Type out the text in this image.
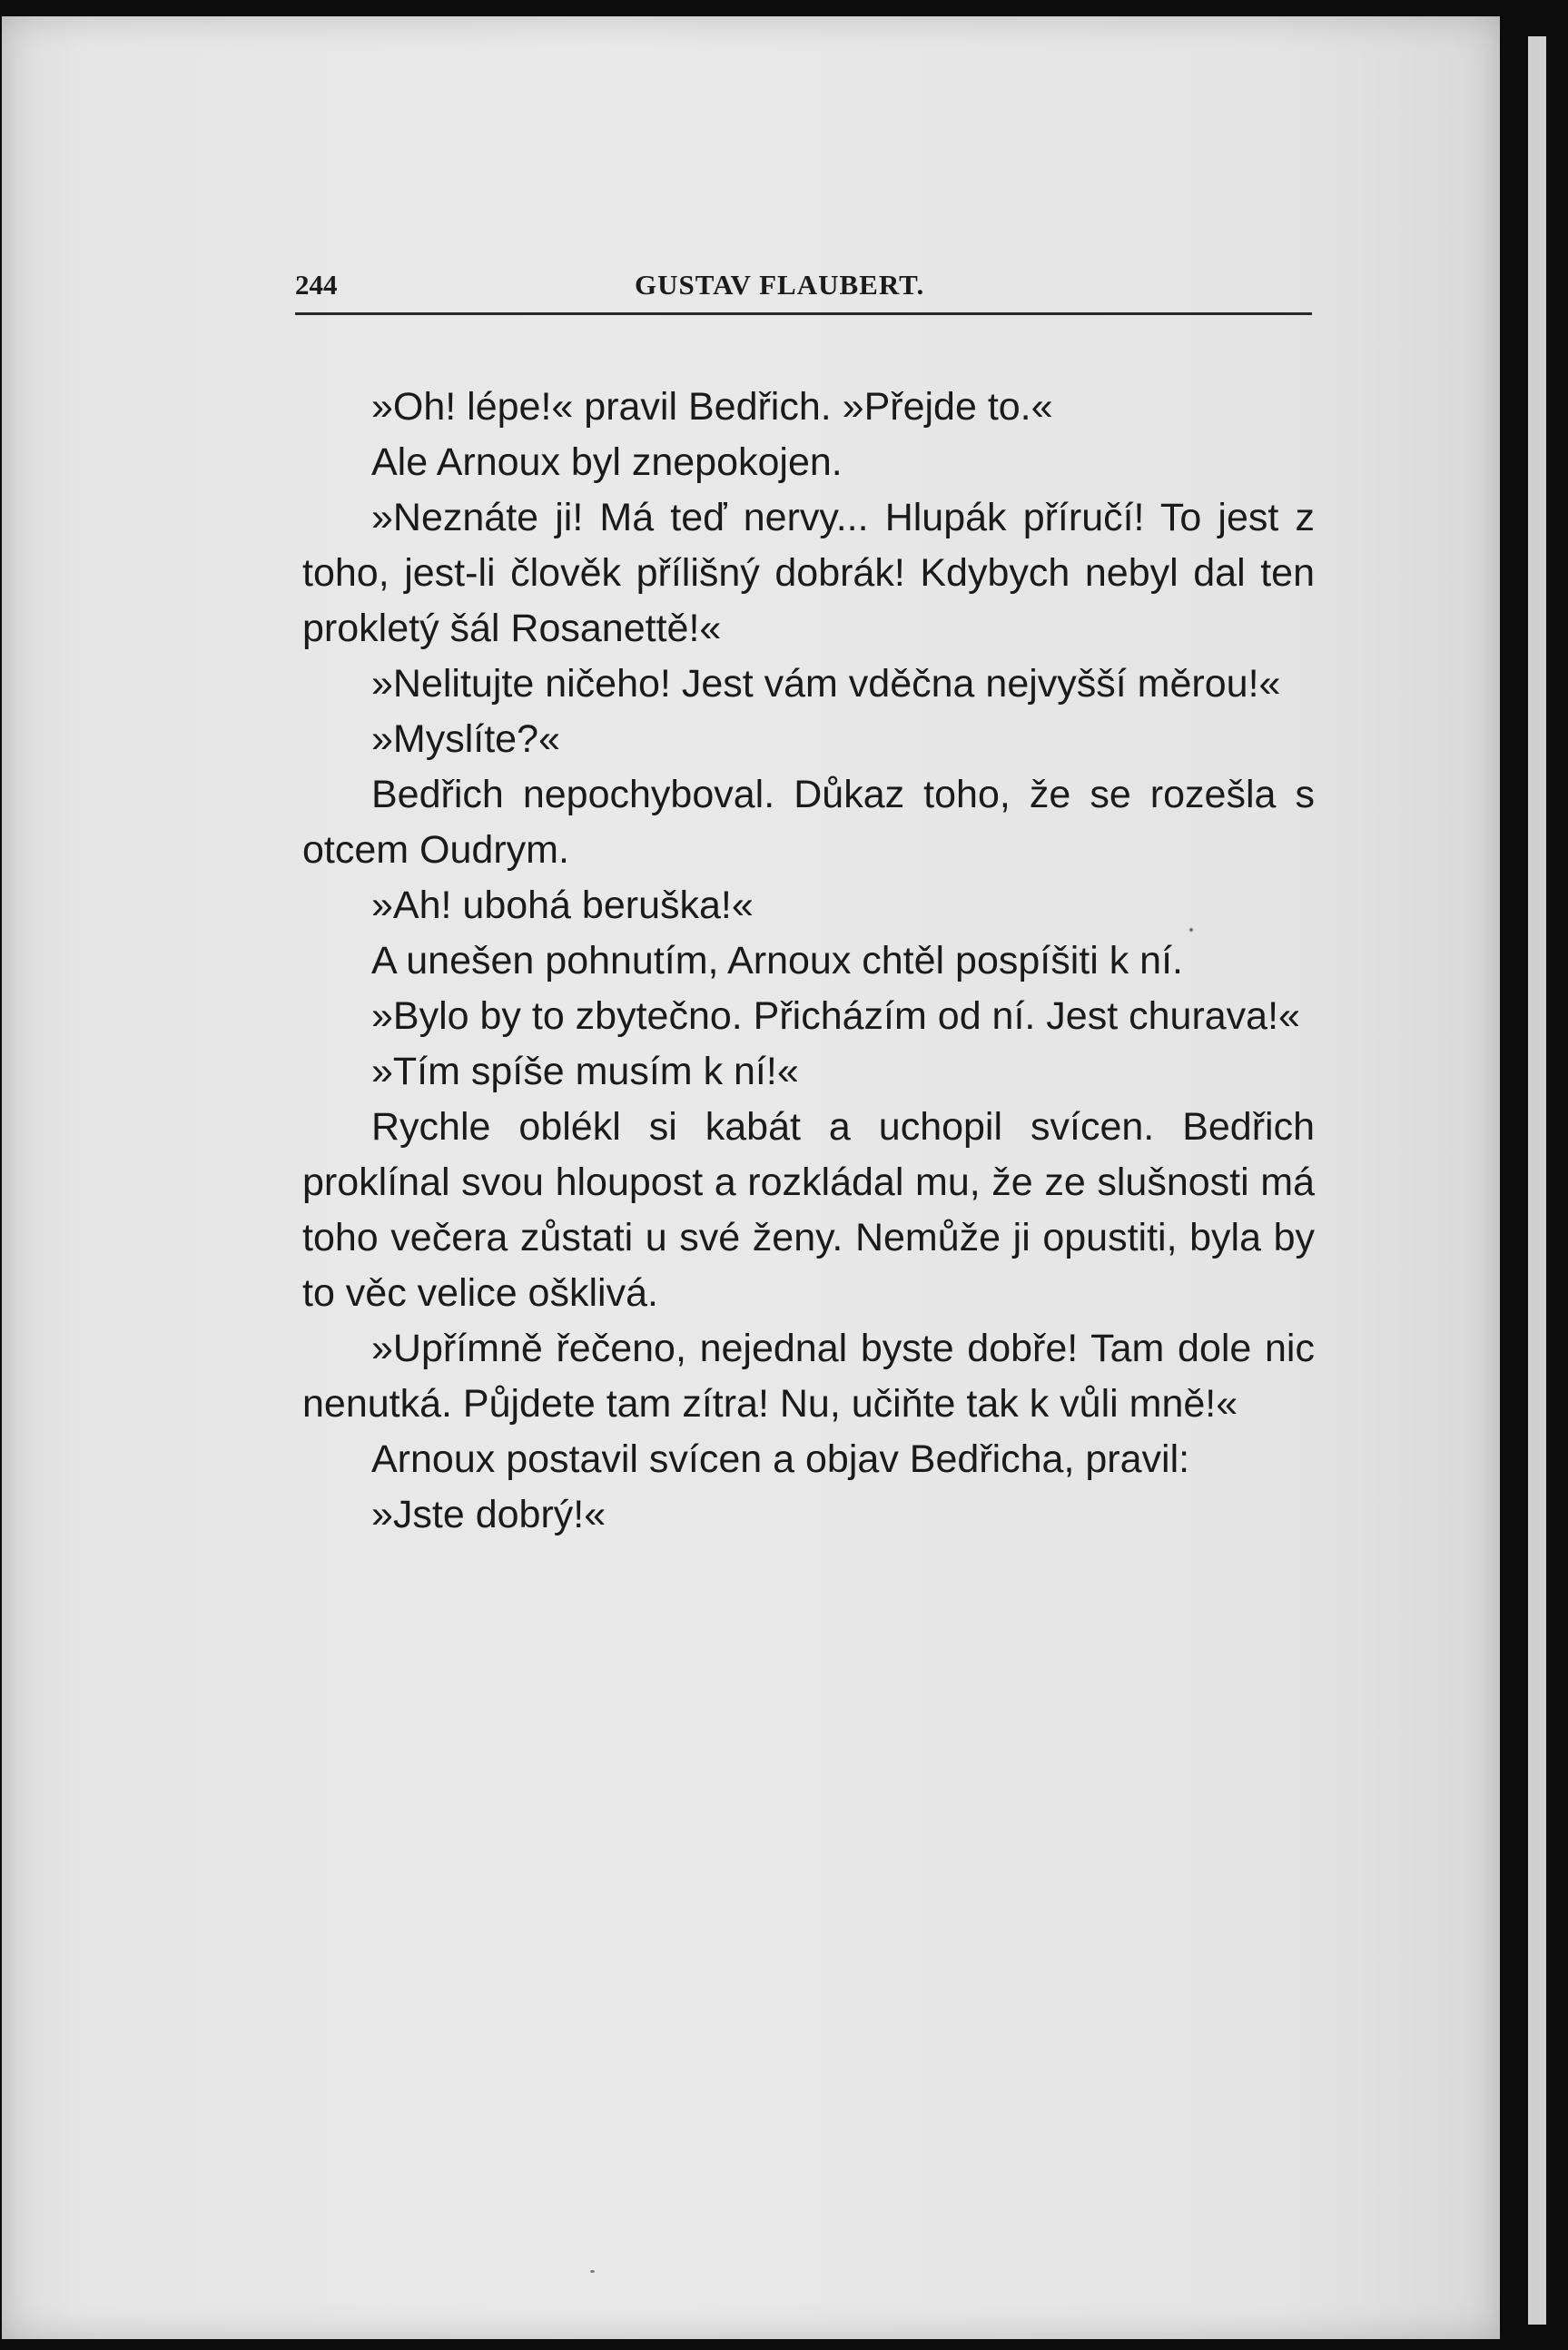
244	GUSTAV FLAUBERT.

»Oh! lépe!« pravil Bedřich. »Přejde to.«

Ale Arnoux byl znepokojen.

»Neznáte ji! Má teď nervy... Hlupák příručí! To jest z toho, jest-li člověk přílišný dobrák! Kdybych nebyl dal ten prokletý šál Rosanettě!«

»Nelitujte ničeho! Jest vám vděčna nejvyšší měrou!«

»Myslíte?«

Bedřich nepochyboval. Důkaz toho, že se rozešla s otcem Oudrym.

»Ah! ubohá beruška!«

A unešen pohnutím, Arnoux chtěl pospíšiti k ní.

»Bylo by to zbytečno. Přicházím od ní. Jest churava!«

»Tím spíše musím k ní!«

Rychle oblékl si kabát a uchopil svícen. Bedřich proklínal svou hloupost a rozkládal mu, že ze slušnosti má toho večera zůstati u své ženy. Nemůže ji opustiti, byla by to věc velice ošklivá.

»Upřímně řečeno, nejednal byste dobře! Tam dole nic nenutká. Půjdete tam zítra! Nu, učiňte tak k vůli mně!«

Arnoux postavil svícen a objav Bedřicha, pravil:

»Jste dobrý!«
